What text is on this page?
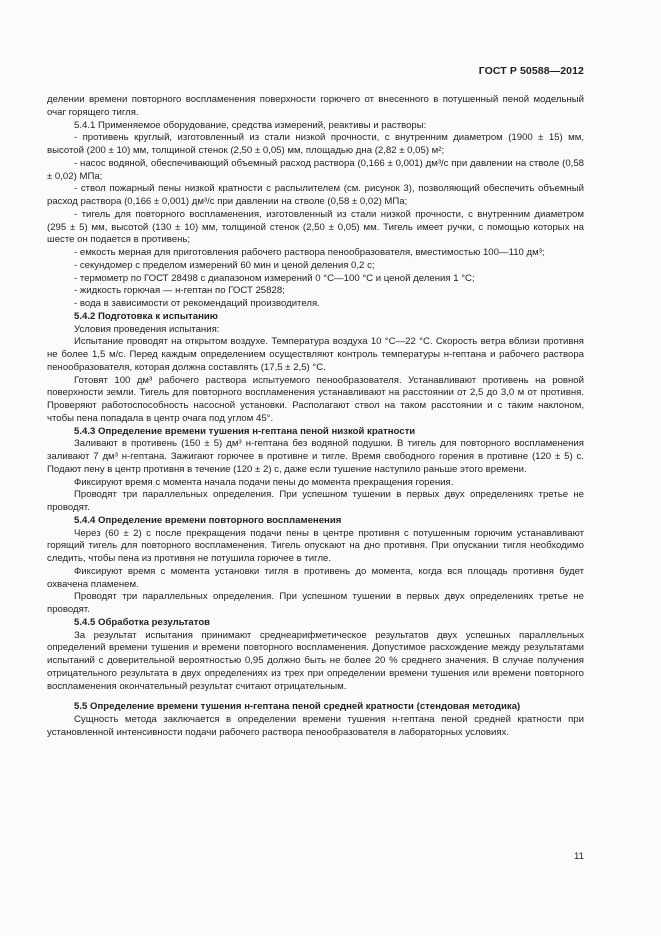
ГОСТ Р 50588—2012

делении времени повторного воспламенения поверхности горючего от внесенного в потушенный пеной модельный очаг горящего тигля.

5.4.1 Применяемое оборудование, средства измерений, реактивы и растворы:

- противень круглый, изготовленный из стали низкой прочности, с внутренним диаметром (1900 ± 15) мм, высотой (200 ± 10) мм, толщиной стенок (2,50 ± 0,05) мм, площадью дна (2,82 ± 0,05) м²;

- насос водяной, обеспечивающий объемный расход раствора (0,166 ± 0,001) дм³/с при давлении на стволе (0,58 ± 0,02) МПа;

- ствол пожарный пены низкой кратности с распылителем (см. рисунок 3), позволяющий обеспечить объемный расход раствора (0,166 ± 0,001) дм³/с при давлении на стволе (0,58 ± 0,02) МПа;

- тигель для повторного воспламенения, изготовленный из стали низкой прочности, с внутренним диаметром (295 ± 5) мм, высотой (130 ± 10) мм, толщиной стенок (2,50 ± 0,05) мм. Тигель имеет ручки, с помощью которых на шесте он подается в противень;

- емкость мерная для приготовления рабочего раствора пенообразователя, вместимостью 100—110 дм³;

- секундомер с пределом измерений 60 мин и ценой деления 0,2 с;

- термометр по ГОСТ 28498 с диапазоном измерений 0 °С—100 °С и ценой деления 1 °С;

- жидкость горючая — н-гептан по ГОСТ 25828;

- вода в зависимости от рекомендаций производителя.

5.4.2 Подготовка к испытанию

Условия проведения испытания:

Испытание проводят на открытом воздухе. Температура воздуха 10 °С—22 °С. Скорость ветра вблизи противня не более 1,5 м/с. Перед каждым определением осуществляют контроль температуры н-гептана и рабочего раствора пенообразователя, которая должна составлять (17,5 ± 2,5) °С.

Готовят 100 дм³ рабочего раствора испытуемого пенообразователя. Устанавливают противень на ровной поверхности земли. Тигель для повторного воспламенения устанавливают на расстоянии от 2,5 до 3,0 м от противня. Проверяют работоспособность насосной установки. Располагают ствол на таком расстоянии и с таким наклоном, чтобы пена попадала в центр очага под углом 45°.

5.4.3 Определение времени тушения н-гептана пеной низкой кратности

Заливают в противень (150 ± 5) дм³ н-гептана без водяной подушки. В тигель для повторного воспламенения заливают 7 дм³ н-гептана. Зажигают горючее в противне и тигле. Время свободного горения в противне (120 ± 5) с. Подают пену в центр противня в течение (120 ± 2) с, даже если тушение наступило раньше этого времени.

Фиксируют время с момента начала подачи пены до момента прекращения горения.

Проводят три параллельных определения. При успешном тушении в первых двух определениях третье не проводят.

5.4.4 Определение времени повторного воспламенения

Через (60 ± 2) с после прекращения подачи пены в центре противня с потушенным горючим устанавливают горящий тигель для повторного воспламенения. Тигель опускают на дно противня. При опускании тигля необходимо следить, чтобы пена из противня не потушила горючее в тигле.

Фиксируют время с момента установки тигля в противень до момента, когда вся площадь противня будет охвачена пламенем.

Проводят три параллельных определения. При успешном тушении в первых двух определениях третье не проводят.

5.4.5 Обработка результатов

За результат испытания принимают среднеарифметическое результатов двух успешных параллельных определений времени тушения и времени повторного воспламенения. Допустимое расхождение между результатами испытаний с доверительной вероятностью 0,95 должно быть не более 20 % среднего значения. В случае получения отрицательного результата в двух определениях из трех при определении времени тушения или времени повторного воспламенения окончательный результат считают отрицательным.

5.5 Определение времени тушения н-гептана пеной средней кратности (стендовая методика)

Сущность метода заключается в определении времени тушения н-гептана пеной средней кратности при установленной интенсивности подачи рабочего раствора пенообразователя в лабораторных условиях.

11
